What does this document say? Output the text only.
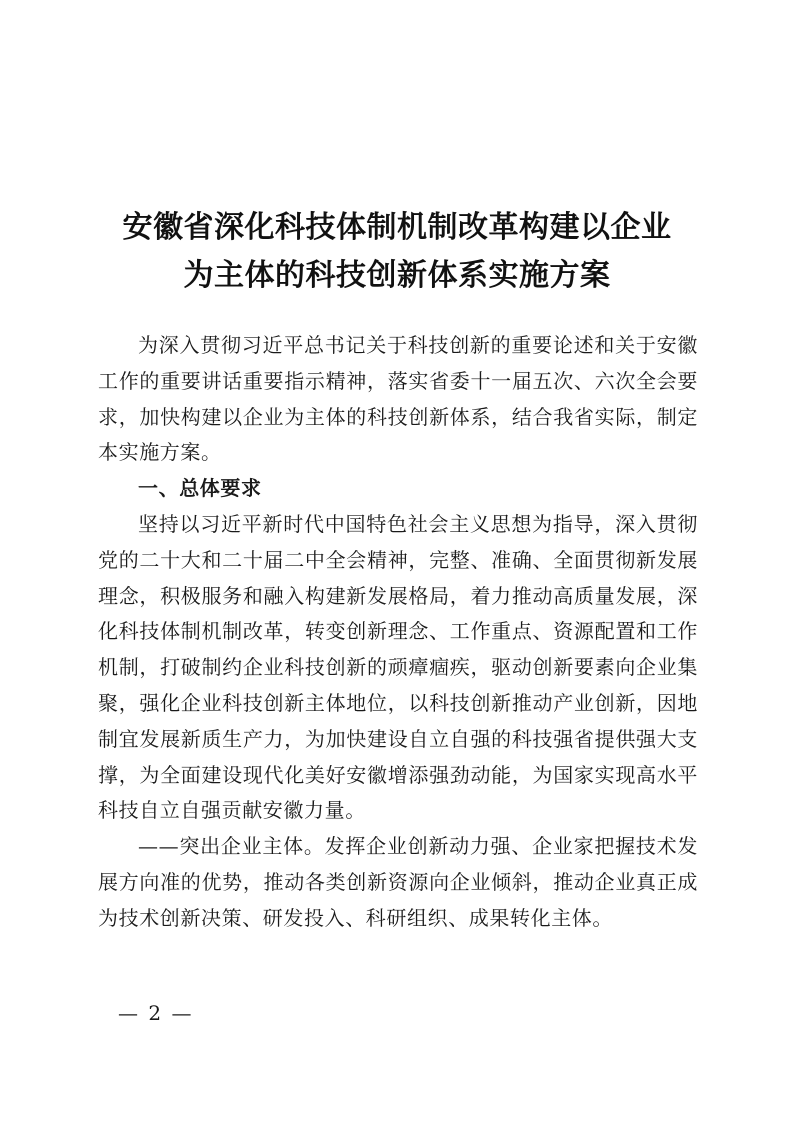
安徽省深化科技体制机制改革构建以企业
为主体的科技创新体系实施方案

为深入贯彻习近平总书记关于科技创新的重要论述和关于安徽工作的重要讲话重要指示精神，落实省委十一届五次、六次全会要求，加快构建以企业为主体的科技创新体系，结合我省实际，制定本实施方案。

一、总体要求

坚持以习近平新时代中国特色社会主义思想为指导，深入贯彻党的二十大和二十届二中全会精神，完整、准确、全面贯彻新发展理念，积极服务和融入构建新发展格局，着力推动高质量发展，深化科技体制机制改革，转变创新理念、工作重点、资源配置和工作机制，打破制约企业科技创新的顽瘴痼疾，驱动创新要素向企业集聚，强化企业科技创新主体地位，以科技创新推动产业创新，因地制宜发展新质生产力，为加快建设自立自强的科技强省提供强大支撑，为全面建设现代化美好安徽增添强劲动能，为国家实现高水平科技自立自强贡献安徽力量。

——突出企业主体。发挥企业创新动力强、企业家把握技术发展方向准的优势，推动各类创新资源向企业倾斜，推动企业真正成为技术创新决策、研发投入、科研组织、成果转化主体。

— 2 —
